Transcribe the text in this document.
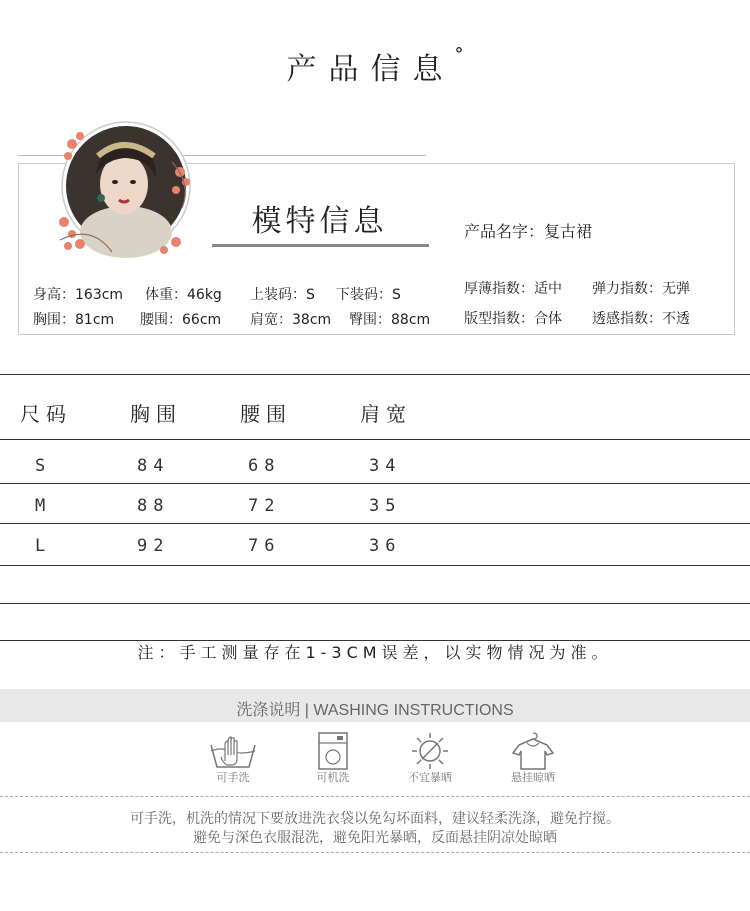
产品信息°
模特信息	产品名字：复古裙
身高：163cm 体重：46kg 上装码：S 下装码：S
胸围：81cm 腰围：66cm 肩宽：38cm 臀围：88cm
厚薄指数：适中 弹力指数：无弹
版型指数：合体 透感指数：不透
尺码	胸围	腰围	肩宽
S	84	68	34
M	88	72	35
L	92	76	36
注：手工测量存在1-3CM误差，以实物情况为准。
洗涤说明 | WASHING INSTRUCTIONS
可手洗	可机洗	不宜暴晒	悬挂晾晒
可手洗，机洗的情况下要放进洗衣袋以免勾坏面料，建议轻柔洗涤，避免拧搅。
避免与深色衣服混洗，避免阳光暴晒，反面悬挂阴凉处晾晒
